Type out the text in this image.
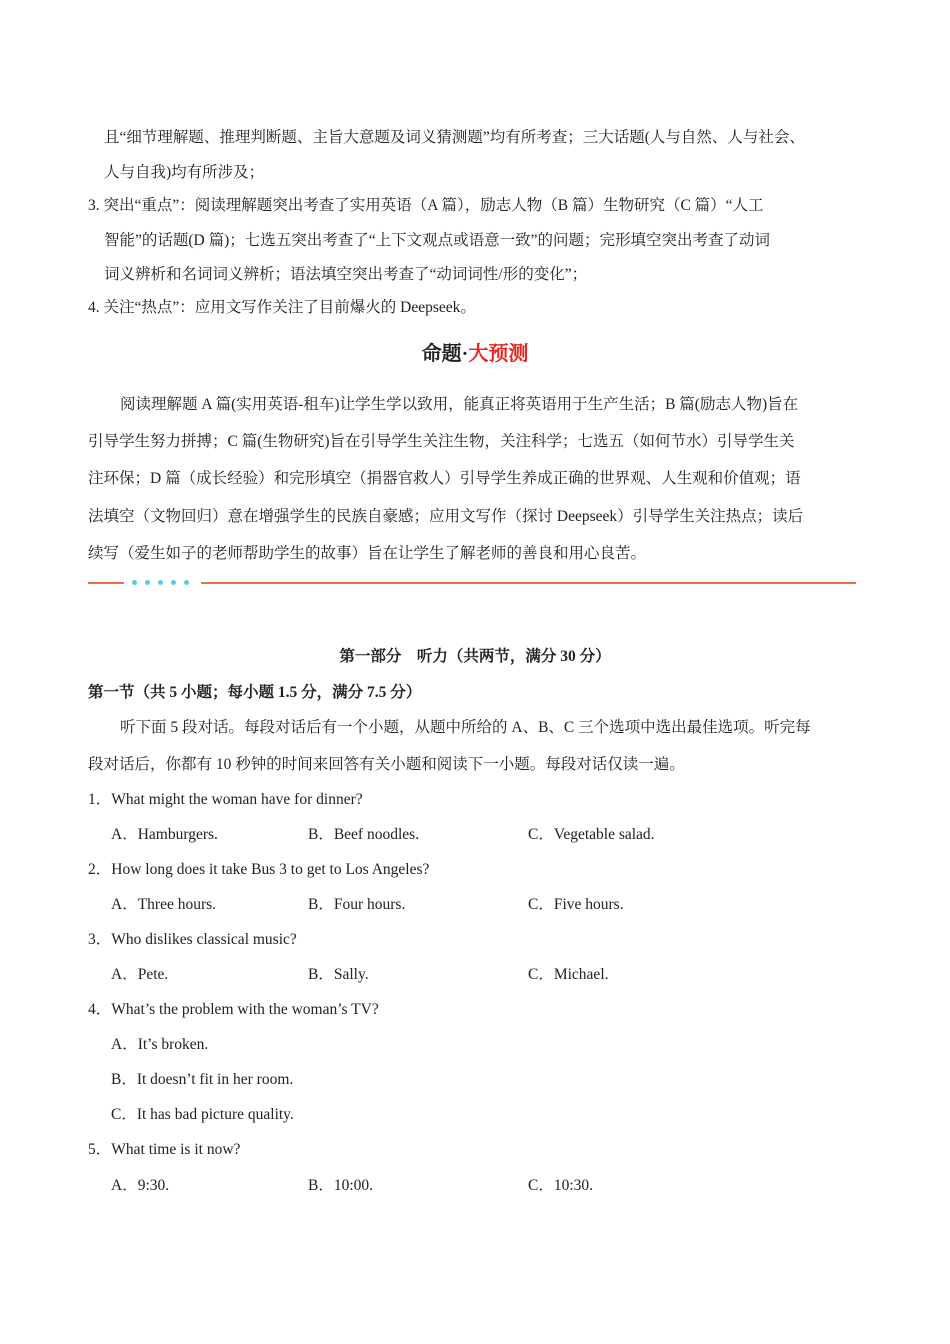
且“细节理解题、推理判断题、主旨大意题及词义猜测题”均有所考查；三大话题(人与自然、人与社会、
人与自我)均有所涉及；
3. 突出“重点”：阅读理解题突出考查了实用英语（A 篇），励志人物（B 篇）生物研究（C 篇）“人工
智能”的话题(D 篇)；七选五突出考查了“上下文观点或语意一致”的问题；完形填空突出考查了动词
词义辨析和名词词义辨析；语法填空突出考查了“动词词性/形的变化”；
4. 关注“热点”：应用文写作关注了目前爆火的 Deepseek。
命题·大预测
阅读理解题 A 篇(实用英语-租车)让学生学以致用，能真正将英语用于生产生活；B 篇(励志人物)旨在
引导学生努力拼搏；C 篇(生物研究)旨在引导学生关注生物，关注科学；七选五（如何节水）引导学生关
注环保；D 篇（成长经验）和完形填空（捐器官救人）引导学生养成正确的世界观、人生观和价值观；语
法填空（文物回归）意在增强学生的民族自豪感；应用文写作（探讨 Deepseek）引导学生关注热点；读后
续写（爱生如子的老师帮助学生的故事）旨在让学生了解老师的善良和用心良苦。
第一部分　听力（共两节，满分 30 分）
第一节（共 5 小题；每小题 1.5 分，满分 7.5 分）
听下面 5 段对话。每段对话后有一个小题，从题中所给的 A、B、C 三个选项中选出最佳选项。听完每
段对话后，你都有 10 秒钟的时间来回答有关小题和阅读下一小题。每段对话仅读一遍。
1．What might the woman have for dinner?
A．Hamburgers.	B．Beef noodles.	C．Vegetable salad.
2．How long does it take Bus 3 to get to Los Angeles?
A．Three hours.	B．Four hours.	C．Five hours.
3．Who dislikes classical music?
A．Pete.	B．Sally.	C．Michael.
4．What’s the problem with the woman’s TV?
A．It’s broken.
B．It doesn’t fit in her room.
C．It has bad picture quality.
5．What time is it now?
A．9:30.	B．10:00.	C．10:30.
